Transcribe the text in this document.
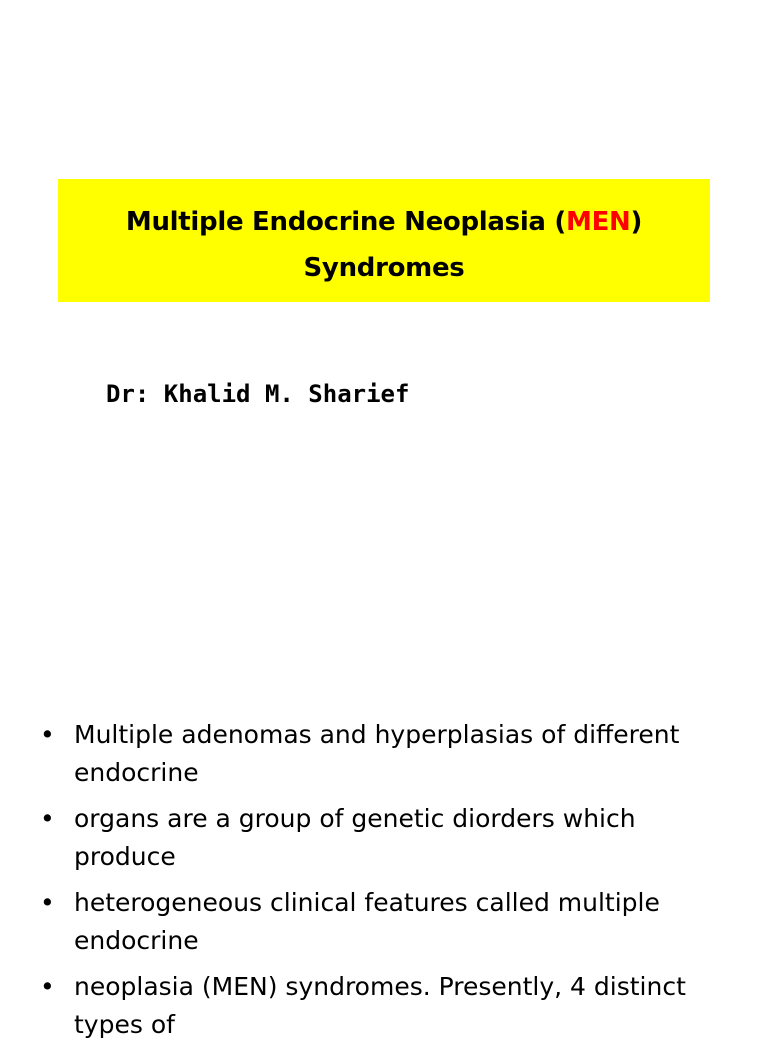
Multiple Endocrine Neoplasia (MEN)
Syndromes
Dr: Khalid M. Sharief
• Multiple adenomas and hyperplasias of different endocrine
• organs are a group of genetic diorders which produce
• heterogeneous clinical features called multiple endocrine
• neoplasia (MEN) syndromes. Presently, 4 distinct types of
